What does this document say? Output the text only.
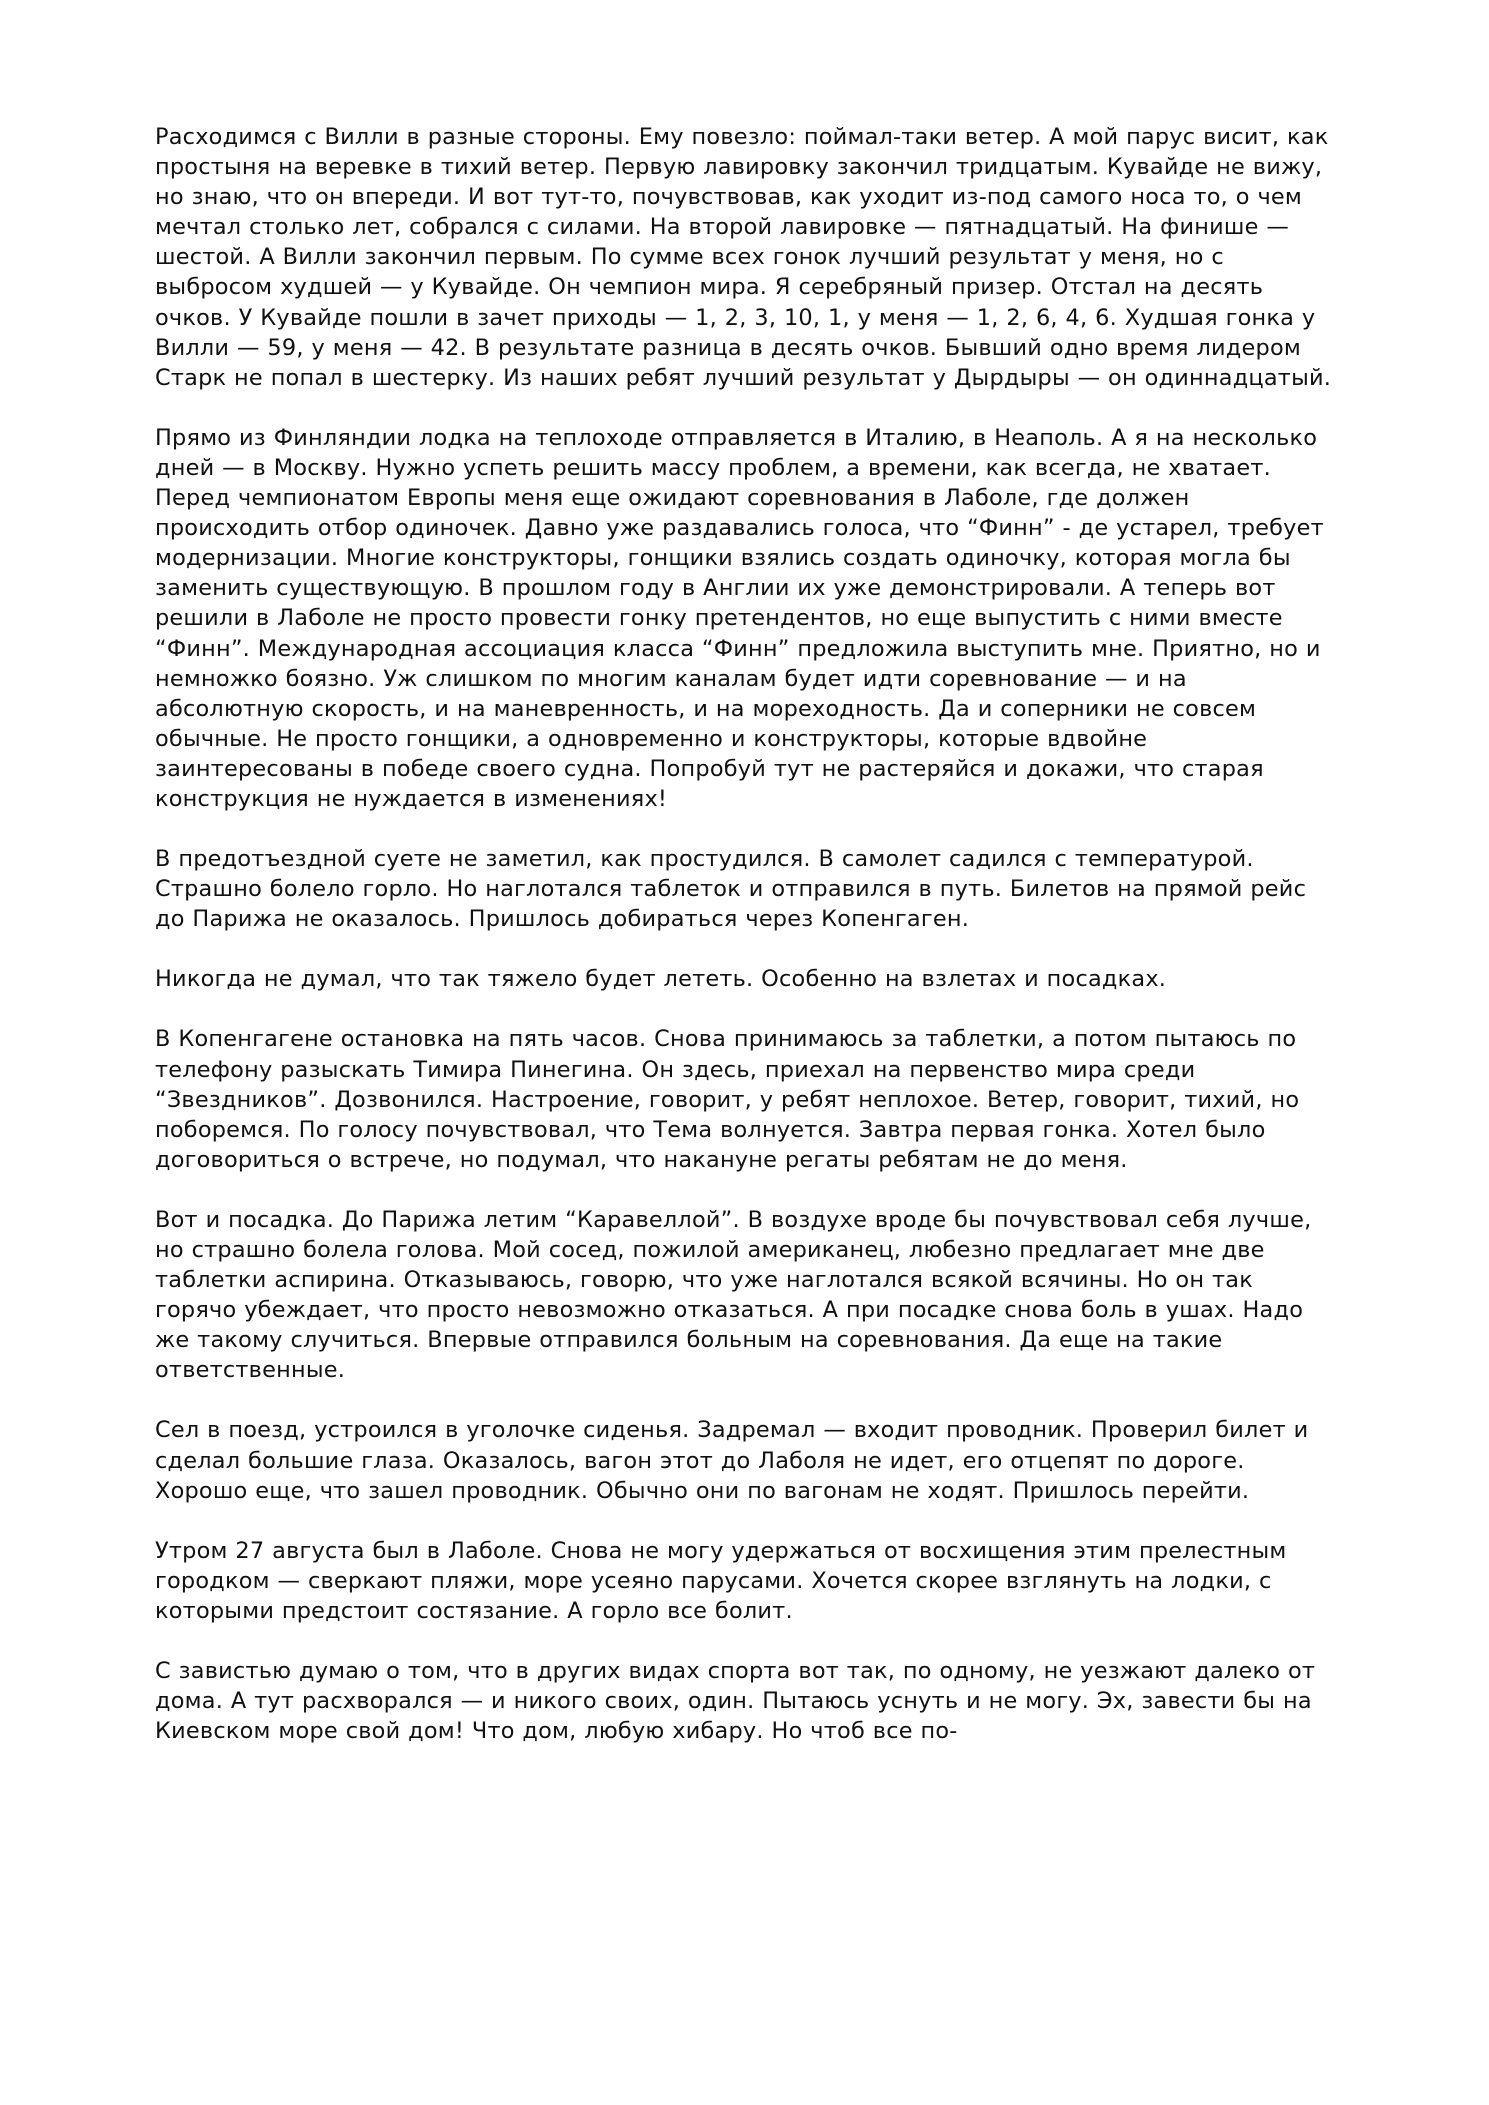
Расходимся с Вилли в разные стороны. Ему повезло: поймал-таки ветер. А мой парус висит, как простыня на веревке в тихий ветер. Первую лавировку закончил тридцатым. Кувайде не вижу, но знаю, что он впереди. И вот тут-то, почувствовав, как уходит из-под самого носа то, о чем мечтал столько лет, собрался с силами. На второй лавировке — пятнадцатый. На финише — шестой. А Вилли закончил первым. По сумме всех гонок лучший результат у меня, но с выбросом худшей — у Кувайде. Он чемпион мира. Я серебряный призер. Отстал на десять очков. У Кувайде пошли в зачет приходы — 1, 2, 3, 10, 1, у меня — 1, 2, 6, 4, 6. Худшая гонка у Вилли — 59, у меня — 42. В результате разница в десять очков. Бывший одно время лидером Старк не попал в шестерку. Из наших ребят лучший результат у Дырдыры — он одиннадцатый.

Прямо из Финляндии лодка на теплоходе отправляется в Италию, в Неаполь. А я на несколько дней — в Москву. Нужно успеть решить массу проблем, а времени, как всегда, не хватает. Перед чемпионатом Европы меня еще ожидают соревнования в Лаболе, где должен происходить отбор одиночек. Давно уже раздавались голоса, что “Финн” - де устарел, требует модернизации. Многие конструкторы, гонщики взялись создать одиночку, которая могла бы заменить существующую. В прошлом году в Англии их уже демонстрировали. А теперь вот решили в Лаболе не просто провести гонку претендентов, но еще выпустить с ними вместе “Финн”. Международная ассоциация класса “Финн” предложила выступить мне. Приятно, но и немножко боязно. Уж слишком по многим каналам будет идти соревнование — и на абсолютную скорость, и на маневренность, и на мореходность. Да и соперники не совсем обычные. Не просто гонщики, а одновременно и конструкторы, которые вдвойне заинтересованы в победе своего судна. Попробуй тут не растеряйся и докажи, что старая конструкция не нуждается в изменениях!

В предотъездной суете не заметил, как простудился. В самолет садился с температурой. Страшно болело горло. Но наглотался таблеток и отправился в путь. Билетов на прямой рейс до Парижа не оказалось. Пришлось добираться через Копенгаген.

Никогда не думал, что так тяжело будет лететь. Особенно на взлетах и посадках.

В Копенгагене остановка на пять часов. Снова принимаюсь за таблетки, а потом пытаюсь по телефону разыскать Тимира Пинегина. Он здесь, приехал на первенство мира среди “Звездников”. Дозвонился. Настроение, говорит, у ребят неплохое. Ветер, говорит, тихий, но поборемся. По голосу почувствовал, что Тема волнуется. Завтра первая гонка. Хотел было договориться о встрече, но подумал, что накануне регаты ребятам не до меня.

Вот и посадка. До Парижа летим “Каравеллой”. В воздухе вроде бы почувствовал себя лучше, но страшно болела голова. Мой сосед, пожилой американец, любезно предлагает мне две таблетки аспирина. Отказываюсь, говорю, что уже наглотался всякой всячины. Но он так горячо убеждает, что просто невозможно отказаться. А при посадке снова боль в ушах. Надо же такому случиться. Впервые отправился больным на соревнования. Да еще на такие ответственные.

Сел в поезд, устроился в уголочке сиденья. Задремал — входит проводник. Проверил билет и сделал большие глаза. Оказалось, вагон этот до Лаболя не идет, его отцепят по дороге. Хорошо еще, что зашел проводник. Обычно они по вагонам не ходят. Пришлось перейти.

Утром 27 августа был в Лаболе. Снова не могу удержаться от восхищения этим прелестным городком — сверкают пляжи, море усеяно парусами. Хочется скорее взглянуть на лодки, с которыми предстоит состязание. А горло все болит.

С завистью думаю о том, что в других видах спорта вот так, по одному, не уезжают далеко от дома. А тут расхворался — и никого своих, один. Пытаюсь уснуть и не могу. Эх, завести бы на Киевском море свой дом! Что дом, любую хибару. Но чтоб все по-
